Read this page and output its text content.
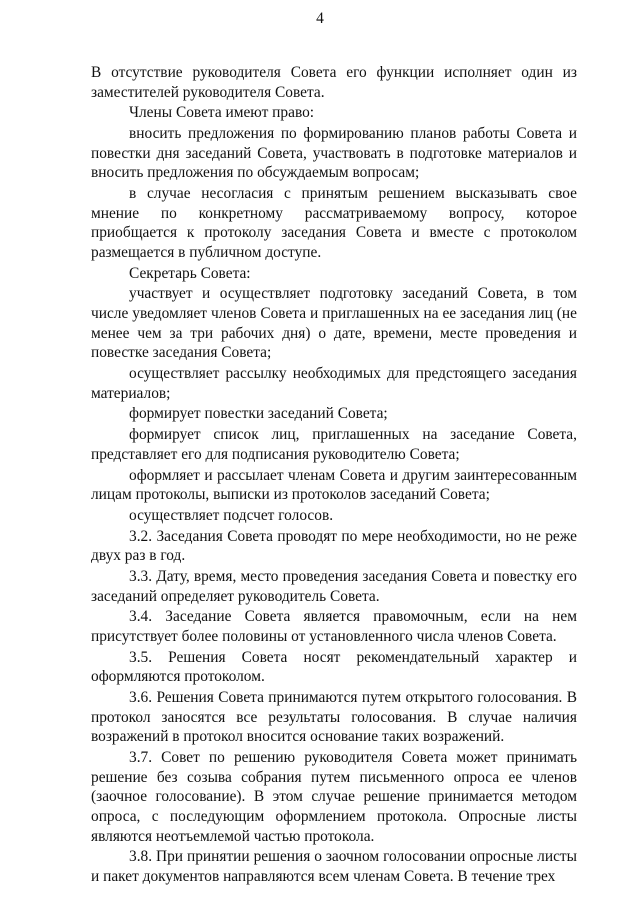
4

В отсутствие руководителя Совета его функции исполняет один из заместителей руководителя Совета.

Члены Совета имеют право:

вносить предложения по формированию планов работы Совета и повестки дня заседаний Совета, участвовать в подготовке материалов и вносить предложения по обсуждаемым вопросам;

в случае несогласия с принятым решением высказывать свое мнение по конкретному рассматриваемому вопросу, которое приобщается к протоколу заседания Совета и вместе с протоколом размещается в публичном доступе.

Секретарь Совета:

участвует и осуществляет подготовку заседаний Совета, в том числе уведомляет членов Совета и приглашенных на ее заседания лиц (не менее чем за три рабочих дня) о дате, времени, месте проведения и повестке заседания Совета;

осуществляет рассылку необходимых для предстоящего заседания материалов;

формирует повестки заседаний Совета;

формирует список лиц, приглашенных на заседание Совета, представляет его для подписания руководителю Совета;

оформляет и рассылает членам Совета и другим заинтересованным лицам протоколы, выписки из протоколов заседаний Совета;

осуществляет подсчет голосов.

3.2. Заседания Совета проводят по мере необходимости, но не реже двух раз в год.

3.3. Дату, время, место проведения заседания Совета и повестку его заседаний определяет руководитель Совета.

3.4. Заседание Совета является правомочным, если на нем присутствует более половины от установленного числа членов Совета.

3.5. Решения Совета носят рекомендательный характер и оформляются протоколом.

3.6. Решения Совета принимаются путем открытого голосования. В протокол заносятся все результаты голосования. В случае наличия возражений в протокол вносится основание таких возражений.

3.7. Совет по решению руководителя Совета может принимать решение без созыва собрания путем письменного опроса ее членов (заочное голосование). В этом случае решение принимается методом опроса, с последующим оформлением протокола. Опросные листы являются неотъемлемой частью протокола.

3.8. При принятии решения о заочном голосовании опросные листы и пакет документов направляются всем членам Совета. В течение трех
